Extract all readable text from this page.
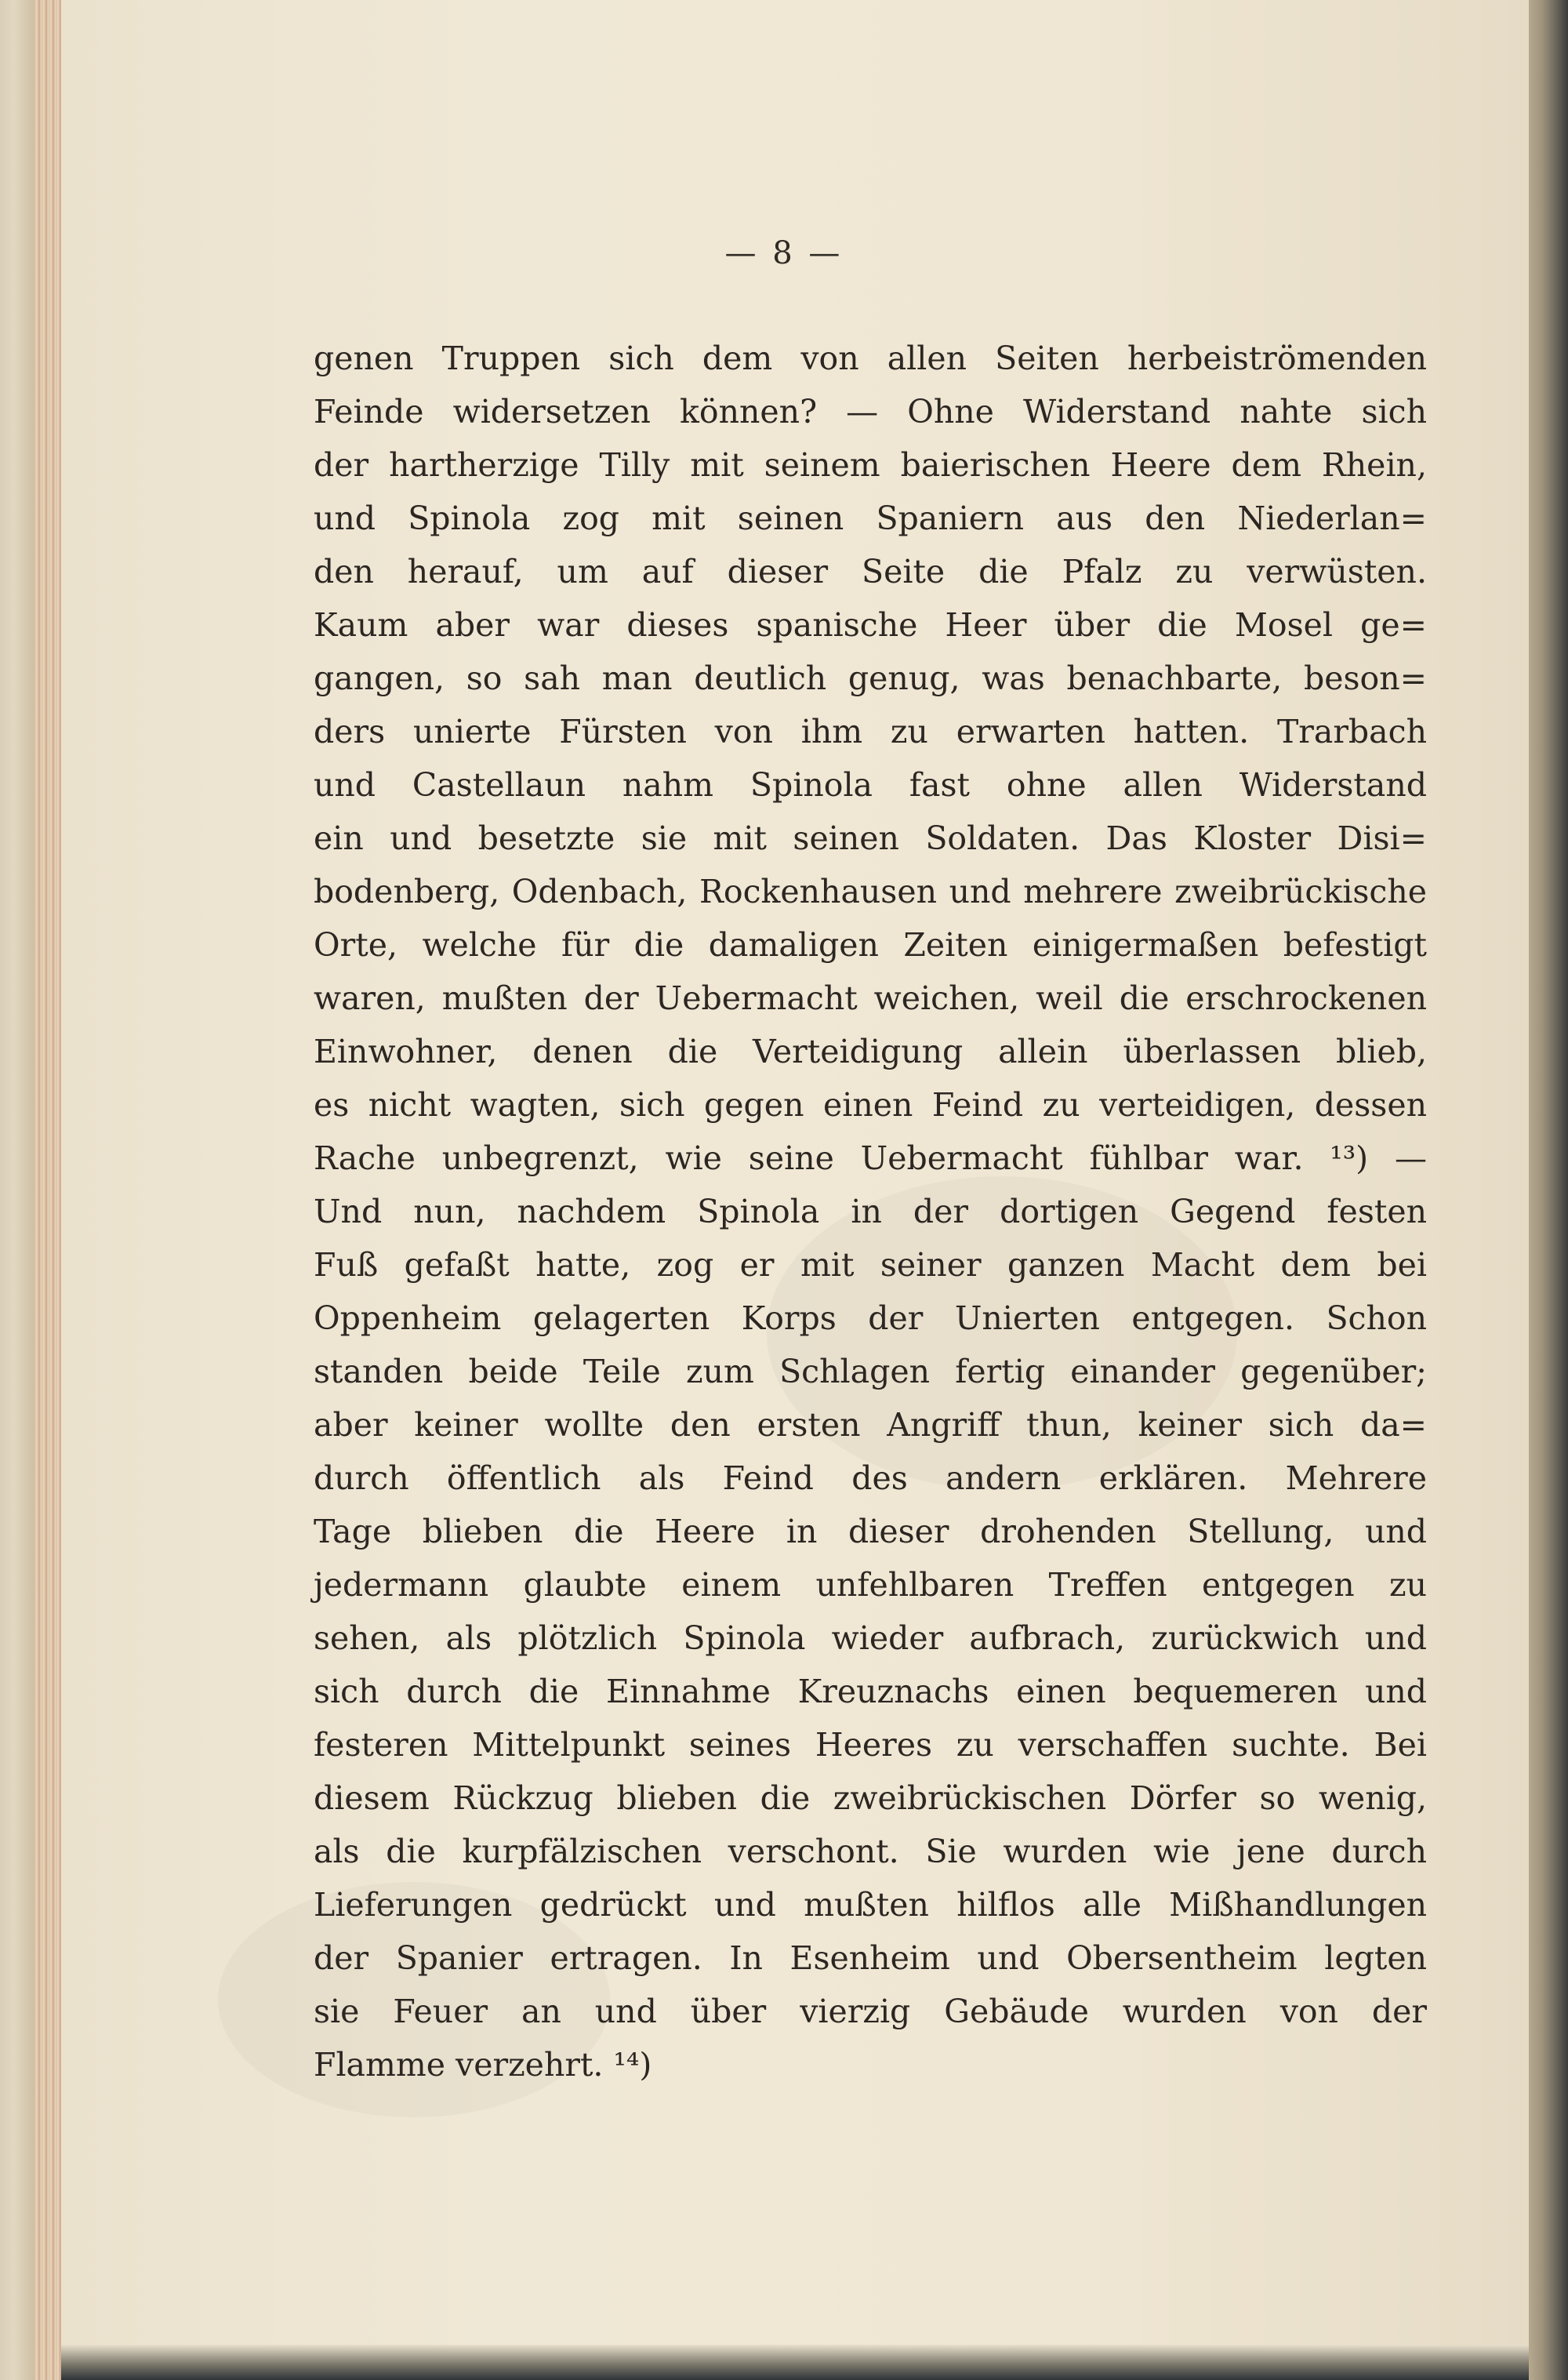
— 8 —
genen Truppen sich dem von allen Seiten herbeiströmenden
Feinde widersetzen können? — Ohne Widerstand nahte sich
der hartherzige Tilly mit seinem baierischen Heere dem Rhein,
und Spinola zog mit seinen Spaniern aus den Niederlan=
den herauf, um auf dieser Seite die Pfalz zu verwüsten.
Kaum aber war dieses spanische Heer über die Mosel ge=
gangen, so sah man deutlich genug, was benachbarte, beson=
ders unierte Fürsten von ihm zu erwarten hatten. Trarbach
und Castellaun nahm Spinola fast ohne allen Widerstand
ein und besetzte sie mit seinen Soldaten. Das Kloster Disi=
bodenberg, Odenbach, Rockenhausen und mehrere zweibrückische
Orte, welche für die damaligen Zeiten einigermaßen befestigt
waren, mußten der Uebermacht weichen, weil die erschrockenen
Einwohner, denen die Verteidigung allein überlassen blieb,
es nicht wagten, sich gegen einen Feind zu verteidigen, dessen
Rache unbegrenzt, wie seine Uebermacht fühlbar war. ¹³) —
Und nun, nachdem Spinola in der dortigen Gegend festen
Fuß gefaßt hatte, zog er mit seiner ganzen Macht dem bei
Oppenheim gelagerten Korps der Unierten entgegen. Schon
standen beide Teile zum Schlagen fertig einander gegenüber;
aber keiner wollte den ersten Angriff thun, keiner sich da=
durch öffentlich als Feind des andern erklären. Mehrere
Tage blieben die Heere in dieser drohenden Stellung, und
jedermann glaubte einem unfehlbaren Treffen entgegen zu
sehen, als plötzlich Spinola wieder aufbrach, zurückwich und
sich durch die Einnahme Kreuznachs einen bequemeren und
festeren Mittelpunkt seines Heeres zu verschaffen suchte. Bei
diesem Rückzug blieben die zweibrückischen Dörfer so wenig,
als die kurpfälzischen verschont. Sie wurden wie jene durch
Lieferungen gedrückt und mußten hilflos alle Mißhandlungen
der Spanier ertragen. In Esenheim und Obersentheim legten
sie Feuer an und über vierzig Gebäude wurden von der
Flamme verzehrt. ¹⁴)
